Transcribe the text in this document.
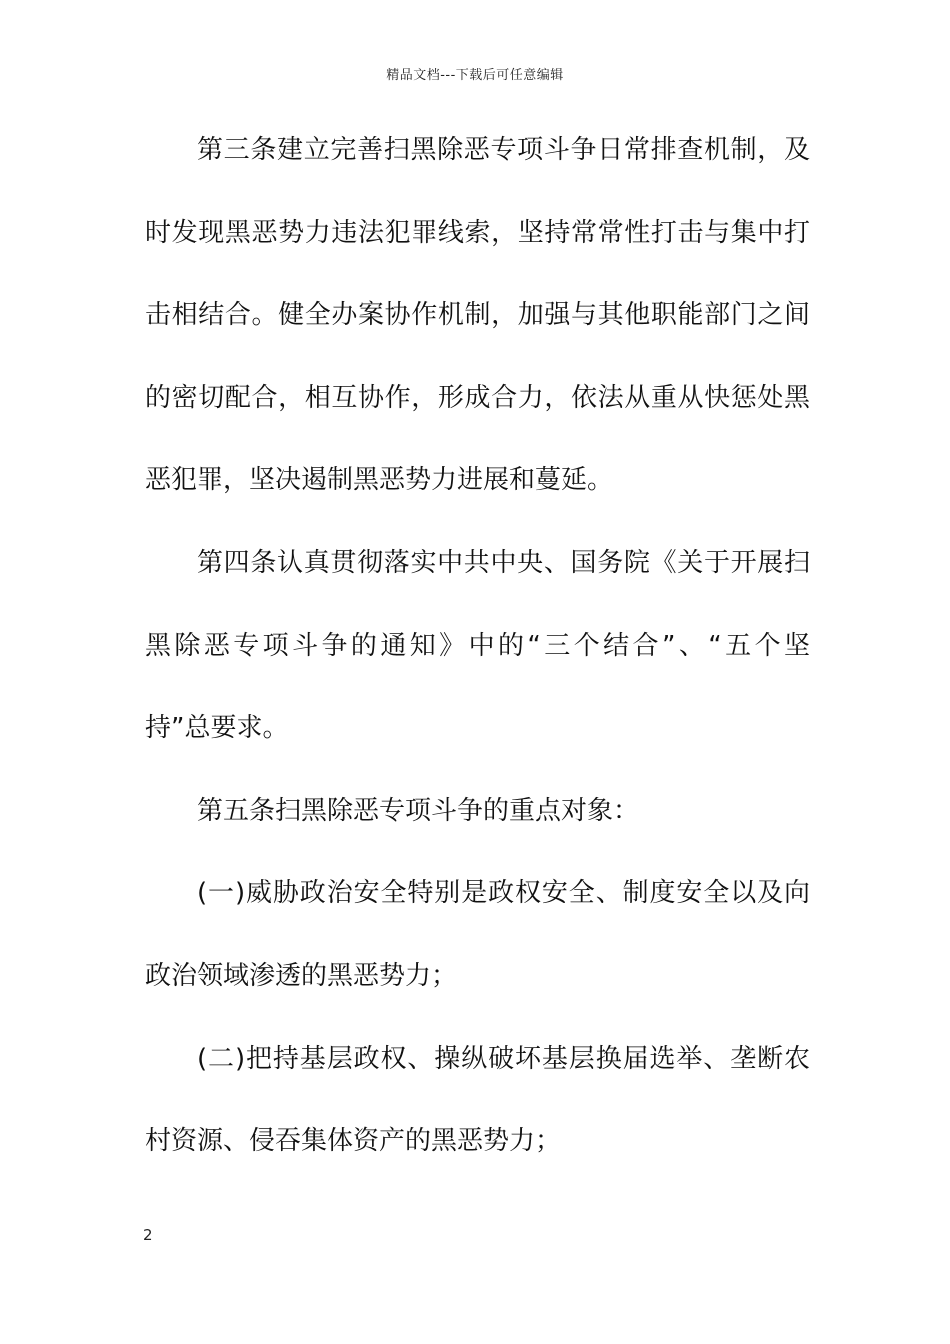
精品文档---下载后可任意编辑
第三条建立完善扫黑除恶专项斗争日常排查机制，及
时发现黑恶势力违法犯罪线索，坚持常常性打击与集中打
击相结合。健全办案协作机制，加强与其他职能部门之间
的密切配合，相互协作，形成合力，依法从重从快惩处黑
恶犯罪，坚决遏制黑恶势力进展和蔓延。
第四条认真贯彻落实中共中央、国务院《关于开展扫
黑除恶专项斗争的通知》中的“三个结合”、“五个坚
持”总要求。
第五条扫黑除恶专项斗争的重点对象：
(一)威胁政治安全特别是政权安全、制度安全以及向
政治领域渗透的黑恶势力；
(二)把持基层政权、操纵破坏基层换届选举、垄断农
村资源、侵吞集体资产的黑恶势力；
2
